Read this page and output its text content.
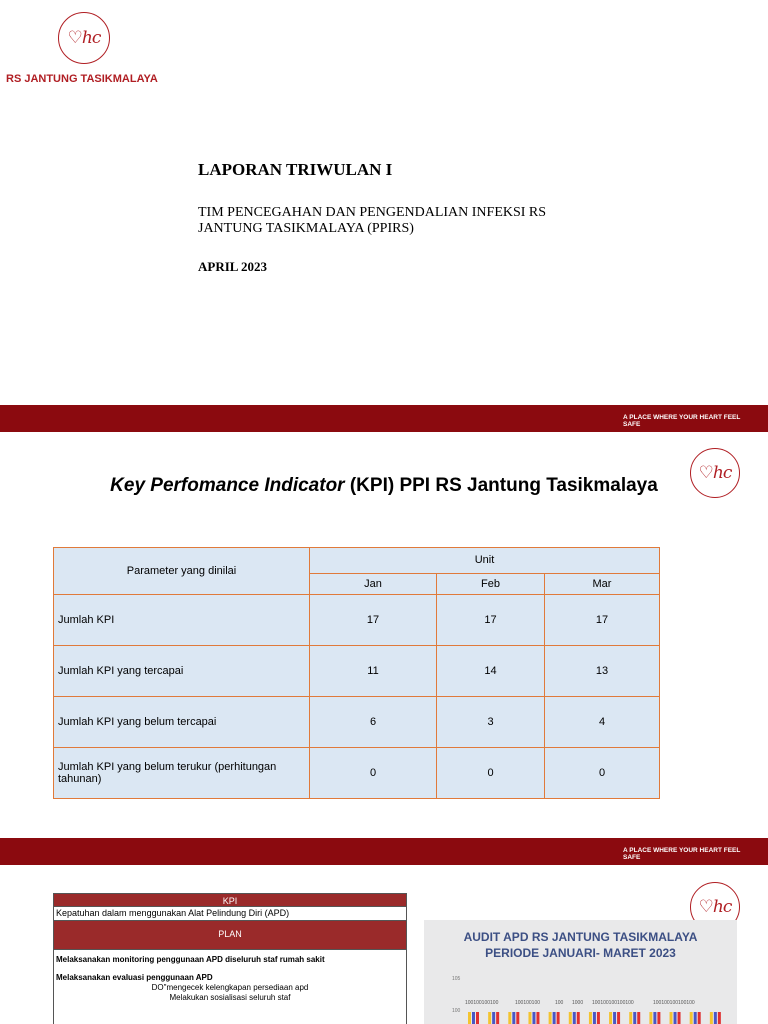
♡hc
RS JANTUNG TASIKMALAYA
LAPORAN TRIWULAN I
TIM PENCEGAHAN DAN PENGENDALIAN INFEKSI RS JANTUNG TASIKMALAYA (PPIRS)
APRIL 2023
A PLACE WHERE YOUR HEART FEEL SAFE
♡hc
Key Perfomance Indicator (KPI) PPI RS Jantung Tasikmalaya
Parameter yang dinilai	Unit		
	Jan	Feb	Mar
Jumlah KPI	17	17	17
Jumlah KPI yang tercapai	11	14	13
Jumlah KPI yang belum tercapai	6	3	4
Jumlah KPI yang belum terukur (perhitungan tahunan)	0	0	0
A PLACE WHERE YOUR HEART FEEL SAFE
♡hc
KPI
Kepatuhan dalam menggunakan Alat Pelindung Diri (APD)
PLAN
Melaksanakan monitoring penggunaan APD diseluruh staf rumah sakit
Melaksanakan evaluasi penggunaan APD
DO"mengecek kelengkapan persediaan apd
Melakukan sosialisasi seluruh staf
AUDIT APD RS JANTUNG TASIKMALAYA
PERIODE JANUARI- MARET 2023
105
100
100100100100	100100100	100 1000 100100100100100	100100100100100
